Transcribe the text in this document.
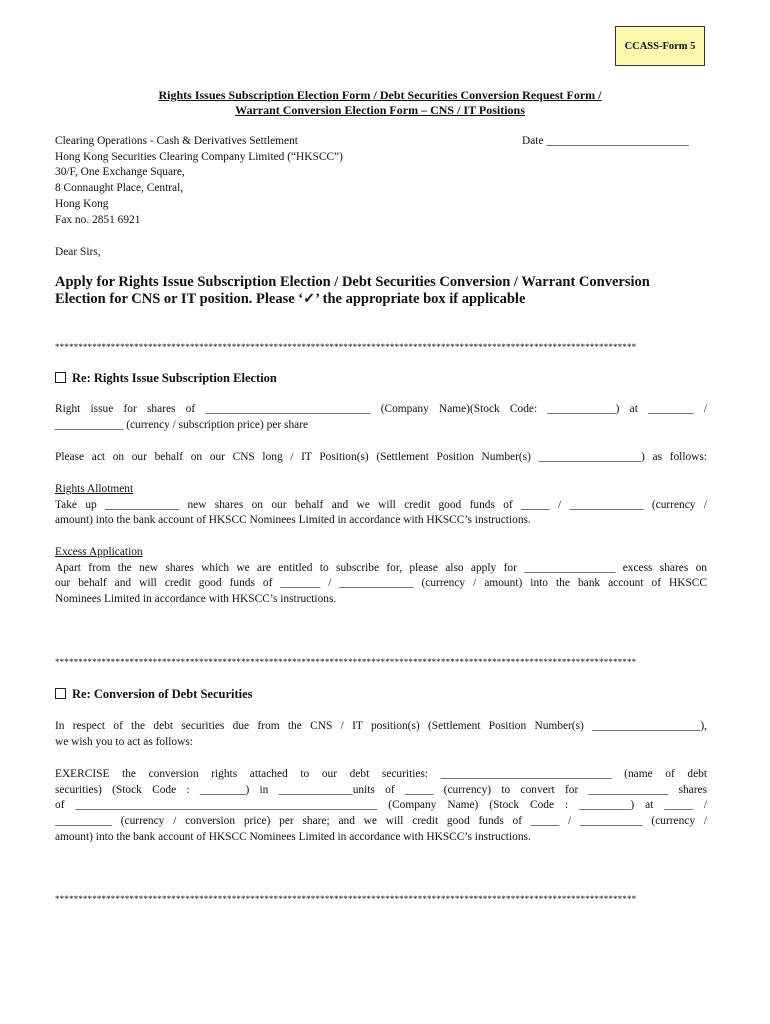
CCASS-Form 5
Rights Issues Subscription Election Form / Debt Securities Conversion Request Form /
Warrant Conversion Election Form – CNS / IT Positions
Clearing Operations - Cash & Derivatives Settlement
Hong Kong Securities Clearing Company Limited (“HKSCC”)
30/F, One Exchange Square,
8 Connaught Place, Central,
Hong Kong
Fax no. 2851 6921
Date _________________________
Dear Sirs,
Apply for Rights Issue Subscription Election / Debt Securities Conversion / Warrant Conversion
Election for CNS or IT position. Please ‘✓’ the appropriate box if applicable
*****************************************************************************************************************************
Re: Rights Issue Subscription Election
Right issue for shares of _____________________________ (Company Name)(Stock Code: ____________) at ________ /
____________ (currency / subscription price) per share
Please act on our behalf on our CNS long / IT Position(s) (Settlement Position Number(s) __________________) as follows:
Rights Allotment
Take up _____________ new shares on our behalf and we will credit good funds of _____ / _____________ (currency /
amount) into the bank account of HKSCC Nominees Limited in accordance with HKSCC’s instructions.
Excess Application
Apart from the new shares which we are entitled to subscribe for, please also apply for ________________ excess shares on
our behalf and will credit good funds of _______ / _____________ (currency / amount) into the bank account of HKSCC
Nominees Limited in accordance with HKSCC’s instructions.
*****************************************************************************************************************************
Re: Conversion of Debt Securities
In respect of the debt securities due from the CNS / IT position(s) (Settlement Position Number(s) ___________________),
we wish you to act as follows:
EXERCISE the conversion rights attached to our debt securities: ______________________________ (name of debt
securities) (Stock Code : ________) in _____________units of _____ (currency) to convert for ______________ shares
of _____________________________________________________ (Company Name) (Stock Code : _________) at _____ /
__________ (currency / conversion price) per share; and we will credit good funds of _____ / ___________ (currency /
amount) into the bank account of HKSCC Nominees Limited in accordance with HKSCC’s instructions.
*****************************************************************************************************************************
